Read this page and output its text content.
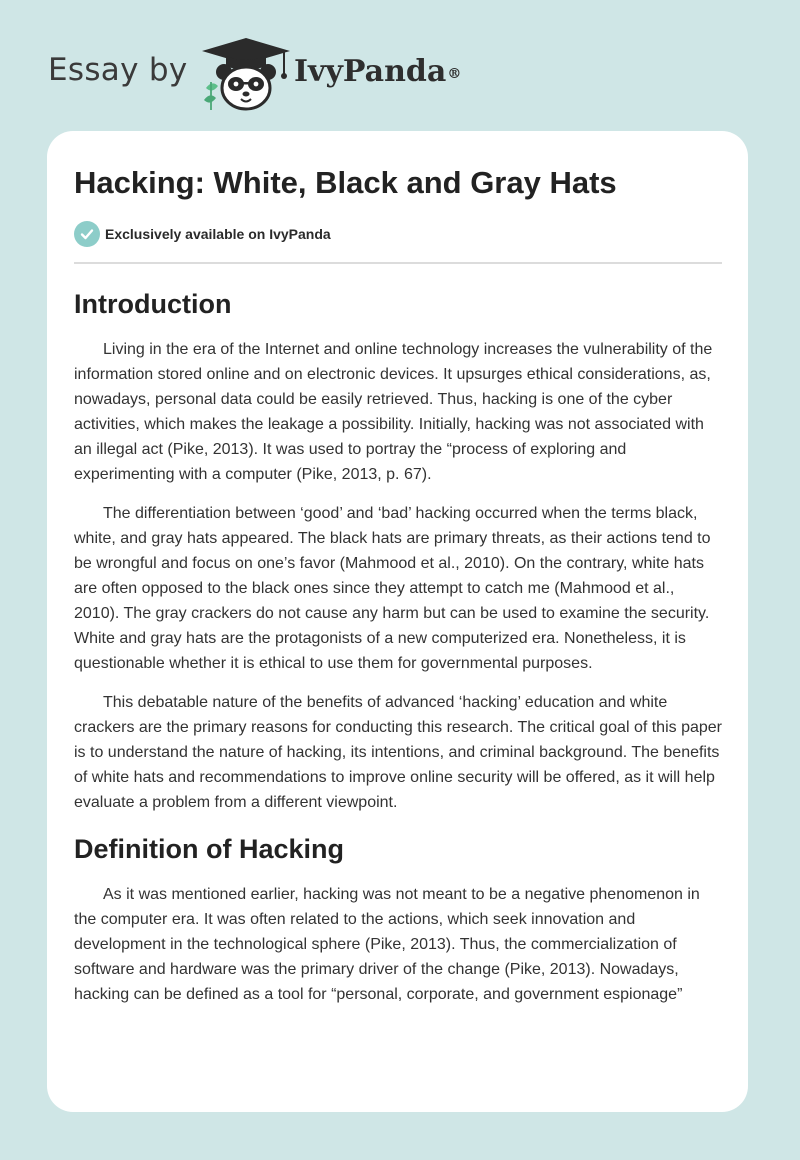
Essay by	IvyPanda®
Hacking: White, Black and Gray Hats
Exclusively available on IvyPanda
Introduction

Living in the era of the Internet and online technology increases the vulnerability of the information stored online and on electronic devices. It upsurges ethical considerations, as, nowadays, personal data could be easily retrieved. Thus, hacking is one of the cyber activities, which makes the leakage a possibility. Initially, hacking was not associated with an illegal act (Pike, 2013). It was used to portray the “process of exploring and experimenting with a computer (Pike, 2013, p. 67).

The differentiation between ‘good’ and ‘bad’ hacking occurred when the terms black, white, and gray hats appeared. The black hats are primary threats, as their actions tend to be wrongful and focus on one’s favor (Mahmood et al., 2010). On the contrary, white hats are often opposed to the black ones since they attempt to catch me (Mahmood et al., 2010). The gray crackers do not cause any harm but can be used to examine the security. White and gray hats are the protagonists of a new computerized era. Nonetheless, it is questionable whether it is ethical to use them for governmental purposes.

This debatable nature of the benefits of advanced ‘hacking’ education and white crackers are the primary reasons for conducting this research. The critical goal of this paper is to understand the nature of hacking, its intentions, and criminal background. The benefits of white hats and recommendations to improve online security will be offered, as it will help evaluate a problem from a different viewpoint.

Definition of Hacking

As it was mentioned earlier, hacking was not meant to be a negative phenomenon in the computer era. It was often related to the actions, which seek innovation and development in the technological sphere (Pike, 2013). Thus, the commercialization of software and hardware was the primary driver of the change (Pike, 2013). Nowadays, hacking can be defined as a tool for “personal, corporate, and government espionage”
